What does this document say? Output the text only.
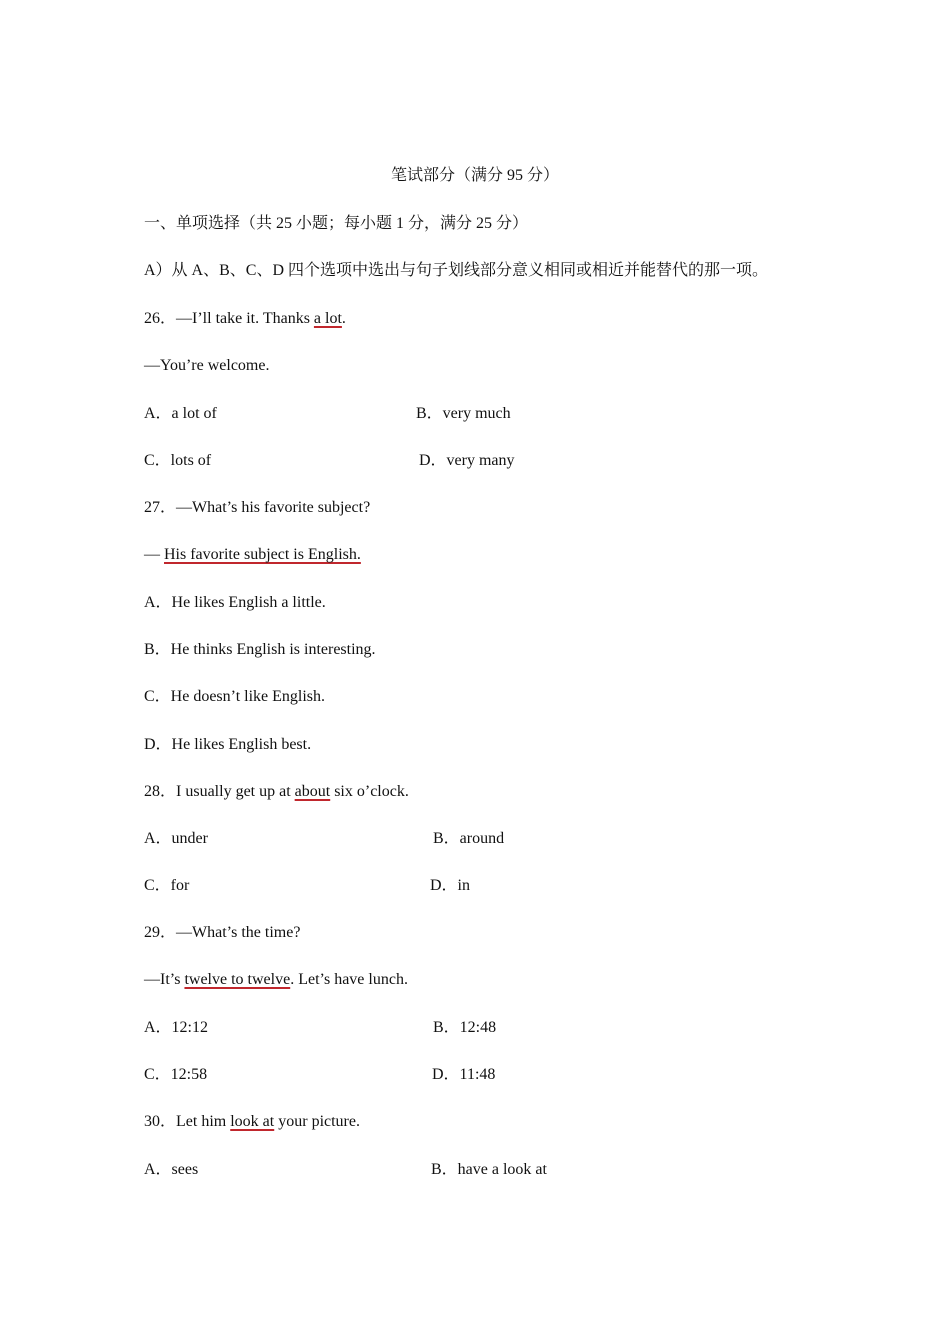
笔试部分（满分 95 分）
一、单项选择（共 25 小题；每小题 1 分，满分 25 分）
A）从 A、B、C、D 四个选项中选出与句子划线部分意义相同或相近并能替代的那一项。
26．—I’ll take it. Thanks a lot.
—You’re welcome.
A．a lot of	B．very much
C．lots of	D．very many
27．—What’s his favorite subject?
— His favorite subject is English.
A．He likes English a little.
B．He thinks English is interesting.
C．He doesn’t like English.
D．He likes English best.
28．I usually get up at about six o’clock.
A．under	B．around
C．for	D．in
29．—What’s the time?
—It’s twelve to twelve. Let’s have lunch.
A．12:12	B．12:48
C．12:58	D．11:48
30．Let him look at your picture.
A．sees	B．have a look at
